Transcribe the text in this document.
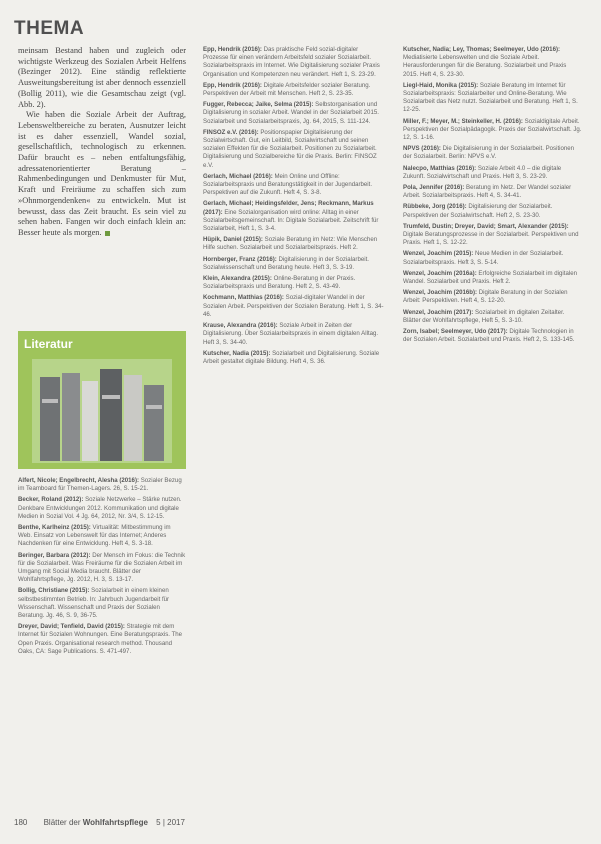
THEMA

meinsam Bestand haben und zugleich oder wichtigste Werkzeug des Sozialen Arbeit Helfens (Bezinger 2012). Eine ständig reflektierte Ausweitungsbereitung ist aber dennoch essenziell (Bollig 2011), wie die Gesamtschau zeigt (vgl. Abb. 2).

Wie haben die Soziale Arbeit der Auftrag, Lebensweltbereiche zu beraten, Ausnutzer leicht ist es daher essenziell, Wandel sozial, gesellschaftlich, technologisch zu erkennen. Dafür braucht es – neben entfaltungsfähig, adressatenorientierter Beratung – Rahmenbedingungen und Denkmuster für Mut, Kraft und Freiräume zu schaffen sich zum »Ohnmorgendenken« zu entwickeln. Mut ist bewusst, dass das Zeit braucht. Es sein viel zu sehen haben. Fangen wir doch einfach klein an: Besser heute als morgen.

Literatur

Alfert, Nicole; Engelbrecht, Alesha (2016): Sozialer Bezug im Teamboard für Themen-Lagers. 26, S. 15-21.

Becker, Roland (2012): Soziale Netzwerke – Stärke nutzen. Denkbare Entwicklungen 2012. Kommunikation und digitale Medien in Sozial Vol. 4 Jg. 64, 2012, Nr. 3/4, S. 12-15.

Benthe, Karlheinz (2015): Virtualität: Mitbestimmung im Web. Einsatz von Lebenswelt für das Internet; Anderes Nachdenken für eine Entwicklung. Heft 4, S. 3-18.

Beringer, Barbara (2012): Der Mensch im Fokus: die Technik für die Sozialarbeit. Was Freiräume für die Sozialen Arbeit im Umgang mit Social Media braucht. Blätter der Wohlfahrtspflege, Jg. 2012, H. 3, S. 13-17.

Bollig, Christiane (2015): Sozialarbeit in einem kleinen selbstbestimmten Betrieb. In: Jahrbuch Jugendarbeit für Wissenschaft. Wissenschaft und Praxis der Sozialen Beratung. Jg. 46, S. 9, 36-75.

Dreyer, David; Tenfield, David (2015): Strategie mit dem Internet für Sozialen Wohnungen. Eine Beratungspraxis. The Open Praxis. Organisational research method. Thousand Oaks, CA: Sage Publications. S. 471-497.

Epp, Hendrik (2016): Das praktische Feld sozial-digitaler Prozesse für einen verändern Arbeitsfeld sozialer Sozialarbeit. Sozialarbeitspraxis im Internet. Wie Digitalisierung sozialer Praxis Organisation und Kompetenzen neu verändert. Heft 1, S. 23-29.

Epp, Hendrik (2016): Digitale Arbeitsfelder sozialer Beratung. Perspektiven der Arbeit mit Menschen. Heft 2, S. 23-35.

Fugger, Rebecca; Jaike, Selma (2015): Selbstorganisation und Digitalisierung in sozialer Arbeit. Wandel in der Sozialarbeit 2015. Sozialarbeit und Sozialarbeitspraxis, Jg. 64, 2015, S. 111-124.

FINSOZ e.V. (2016): Positionspapier Digitalisierung der Sozialwirtschaft. Gut, ein Leitbild, Sozialwirtschaft und seinen sozialen Effekten für die Sozialarbeit. Positionen zu Sozialarbeit. Digitalisierung und Sozialbereiche für die Praxis. Berlin: FINSOZ e.V.

Gerlach, Michael (2016): Mein Online und Offline: Sozialarbeitspraxis und Beratungstätigkeit in der Jugendarbeit. Perspektiven auf die Zukunft. Heft 4, S. 3-8.

Gerlach, Michael; Heidingsfelder, Jens; Reckmann, Markus (2017): Eine Sozialorganisation wird online: Alltag in einer Sozialarbeitsgemeinschaft. In: Digitale Sozialarbeit. Zeitschrift für Sozialarbeit, Heft 1, S. 3-4.

Hüpik, Daniel (2015): Soziale Beratung im Netz: Wie Menschen Hilfe suchen. Sozialarbeit und Sozialarbeitspraxis. Heft 2.

Hornberger, Franz (2016): Digitalisierung in der Sozialarbeit. Sozialwissenschaft und Beratung heute. Heft 3, S. 3-19.

Klein, Alexandra (2015): Online-Beratung in der Praxis. Sozialarbeitspraxis und Beratung. Heft 2, S. 43-49.

Kochmann, Matthias (2016): Sozial-digitaler Wandel in der Sozialen Arbeit. Perspektiven der Sozialen Beratung. Heft 1, S. 34-46.

Krause, Alexandra (2016): Soziale Arbeit in Zeiten der Digitalisierung. Über Sozialarbeitspraxis in einem digitalen Alltag. Heft 3, S. 34-40.

Kutscher, Nadia (2015): Sozialarbeit und Digitalisierung. Soziale Arbeit gestaltet digitale Bildung. Heft 4, S. 36.

Kutscher, Nadia; Ley, Thomas; Seelmeyer, Udo (2016): Mediatisierte Lebenswelten und die Soziale Arbeit. Herausforderungen für die Beratung. Sozialarbeit und Praxis 2015. Heft 4, S. 23-30.

Liegl-Haid, Monika (2015): Soziale Beratung im Internet für Sozialarbeitspraxis: Sozialarbeiter und Online-Beratung. Wie Sozialarbeit das Netz nutzt. Sozialarbeit und Beratung. Heft 1, S. 12-25.

Miller, F.; Meyer, M.; Steinkeller, H. (2016): Sozialdigitale Arbeit. Perspektiven der Sozialpädagogik. Praxis der Sozialwirtschaft. Jg. 12, S. 1-16.

NPVS (2016): Die Digitalisierung in der Sozialarbeit. Positionen der Sozialarbeit. Berlin: NPVS e.V.

Nalecpo, Matthias (2016): Soziale Arbeit 4.0 – die digitale Zukunft. Sozialwirtschaft und Praxis. Heft 3, S. 23-29.

Pola, Jennifer (2016): Beratung im Netz. Der Wandel sozialer Arbeit. Sozialarbeitspraxis. Heft 4, S. 34-41.

Rübbeke, Jorg (2016): Digitalisierung der Sozialarbeit. Perspektiven der Sozialwirtschaft. Heft 2, S. 23-30.

Trumfeld, Dustin; Dreyer, David; Smart, Alexander (2015): Digitale Beratungsprozesse in der Sozialarbeit. Perspektiven und Praxis. Heft 1, S. 12-22.

Wenzel, Joachim (2015): Neue Medien in der Sozialarbeit. Sozialarbeitspraxis. Heft 3, S. 5-14.

Wenzel, Joachim (2016a): Erfolgreiche Sozialarbeit im digitalen Wandel. Sozialarbeit und Praxis. Heft 2.

Wenzel, Joachim (2016b): Digitale Beratung in der Sozialen Arbeit: Perspektiven. Heft 4, S. 12-20.

Wenzel, Joachim (2017): Sozialarbeit im digitalen Zeitalter. Blätter der Wohlfahrtspflege, Heft 5, S. 3-10.

Zorn, Isabel; Seelmeyer, Udo (2017): Digitale Technologien in der Sozialen Arbeit. Sozialarbeit und Praxis. Heft 2, S. 133-145.

180 Blätter der Wohlfahrtspflege 5 | 2017
